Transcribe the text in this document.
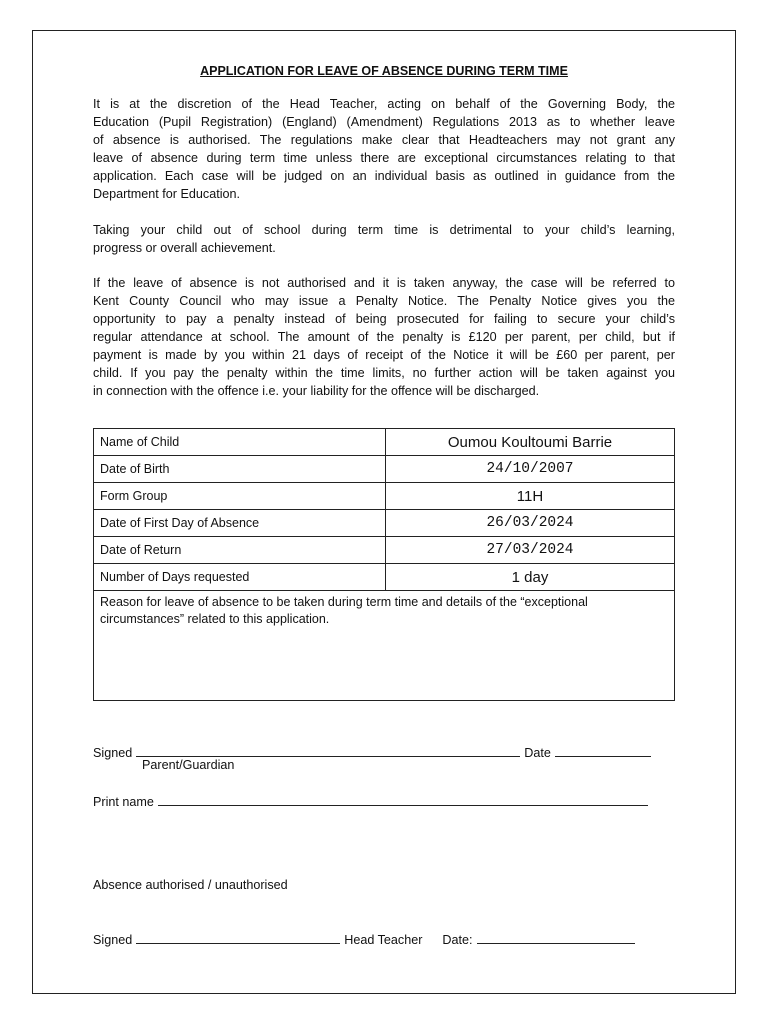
APPLICATION FOR LEAVE OF ABSENCE DURING TERM TIME
It is at the discretion of the Head Teacher, acting on behalf of the Governing Body, the
Education (Pupil Registration) (England) (Amendment) Regulations 2013 as to whether leave
of absence is authorised. The regulations make clear that Headteachers may not grant any
leave of absence during term time unless there are exceptional circumstances relating to that
application. Each case will be judged on an individual basis as outlined in guidance from the
Department for Education.
Taking your child out of school during term time is detrimental to your child’s learning,
progress or overall achievement.
If the leave of absence is not authorised and it is taken anyway, the case will be referred to
Kent County Council who may issue a Penalty Notice. The Penalty Notice gives you the
opportunity to pay a penalty instead of being prosecuted for failing to secure your child’s
regular attendance at school. The amount of the penalty is £120 per parent, per child, but if
payment is made by you within 21 days of receipt of the Notice it will be £60 per parent, per
child. If you pay the penalty within the time limits, no further action will be taken against you
in connection with the offence i.e. your liability for the offence will be discharged.
Name of Child	Oumou Koultoumi Barrie
Date of Birth	24/10/2007
Form Group	11H
Date of First Day of Absence	26/03/2024
Date of Return	27/03/2024
Number of Days requested	1 day
Reason for leave of absence to be taken during term time and details of the “exceptional circumstances” related to this application.	
Signed	Date
Parent/Guardian
Print name
Absence authorised / unauthorised
Signed	Head Teacher Date:
